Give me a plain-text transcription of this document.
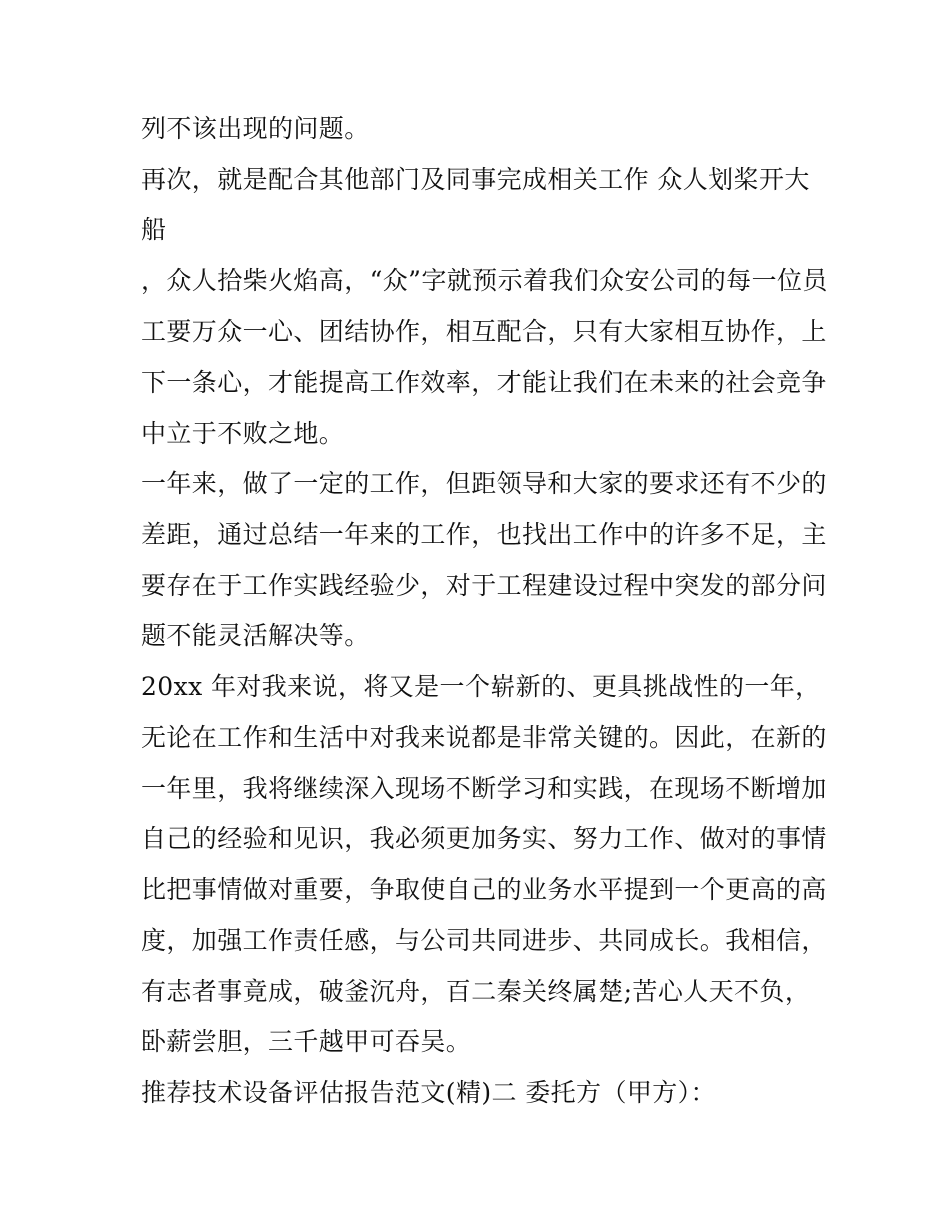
列不该出现的问题。
再次，就是配合其他部门及同事完成相关工作 众人划桨开大
船
，众人拾柴火焰高，“众”字就预示着我们众安公司的每一位员
工要万众一心、团结协作，相互配合，只有大家相互协作，上
下一条心，才能提高工作效率，才能让我们在未来的社会竞争
中立于不败之地。
一年来，做了一定的工作，但距领导和大家的要求还有不少的
差距，通过总结一年来的工作，也找出工作中的许多不足，主
要存在于工作实践经验少，对于工程建设过程中突发的部分问
题不能灵活解决等。
20xx 年对我来说，将又是一个崭新的、更具挑战性的一年，
无论在工作和生活中对我来说都是非常关键的。因此，在新的
一年里，我将继续深入现场不断学习和实践，在现场不断增加
自己的经验和见识，我必须更加务实、努力工作、做对的事情
比把事情做对重要，争取使自己的业务水平提到一个更高的高
度，加强工作责任感，与公司共同进步、共同成长。我相信，
有志者事竟成，破釜沉舟，百二秦关终属楚;苦心人天不负，
卧薪尝胆，三千越甲可吞吴。
推荐技术设备评估报告范文(精)二 委托方（甲方）：
